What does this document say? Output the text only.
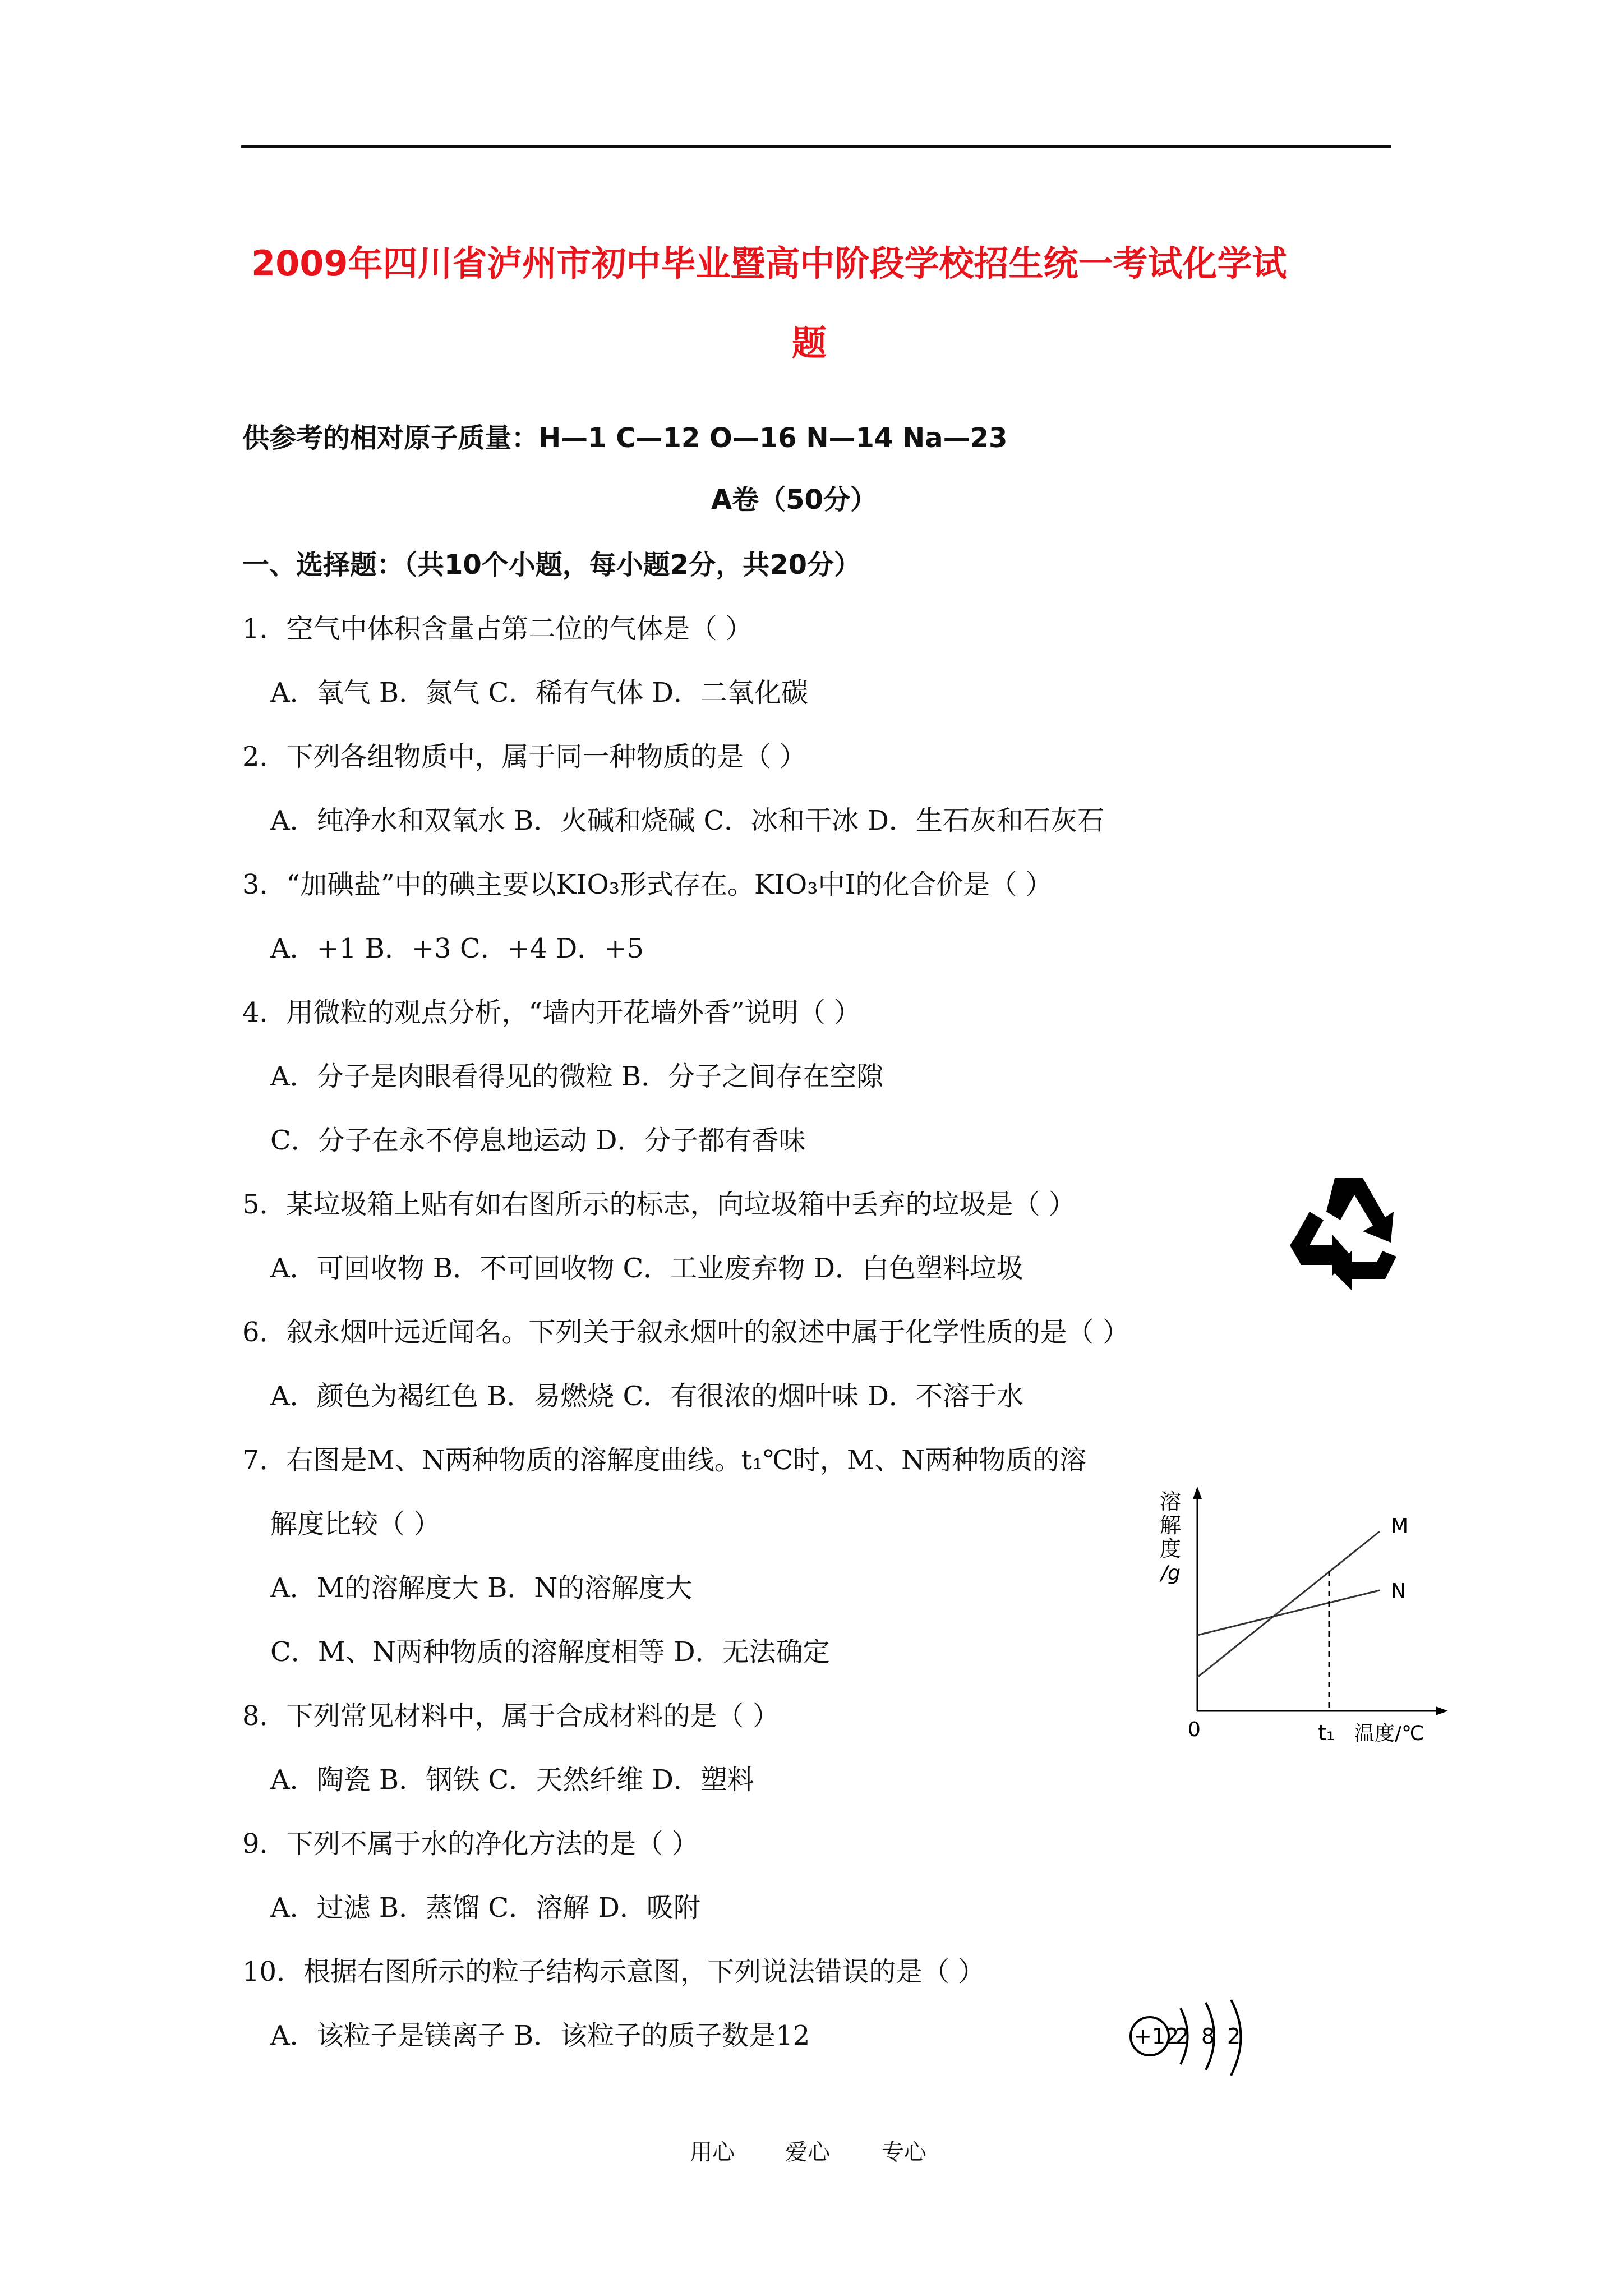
2009年四川省泸州市初中毕业暨高中阶段学校招生统一考试化学试
题
供参考的相对原子质量：H—1 C—12 O—16 N—14 Na—23
A卷（50分）
一、选择题：（共10个小题，每小题2分，共20分）
1．空气中体积含量占第二位的气体是（ ）
A．氧气 B．氮气 C．稀有气体 D．二氧化碳
2．下列各组物质中，属于同一种物质的是（ ）
A．纯净水和双氧水 B．火碱和烧碱 C．冰和干冰 D．生石灰和石灰石
3．“加碘盐”中的碘主要以KIO₃形式存在。KIO₃中I的化合价是（ ）
A．+1 B．+3 C．+4 D．+5
4．用微粒的观点分析，“墙内开花墙外香”说明（ ）
A．分子是肉眼看得见的微粒 B．分子之间存在空隙
C．分子在永不停息地运动 D．分子都有香味
5．某垃圾箱上贴有如右图所示的标志，向垃圾箱中丢弃的垃圾是（ ）
A．可回收物 B．不可回收物 C．工业废弃物 D．白色塑料垃圾
6．叙永烟叶远近闻名。下列关于叙永烟叶的叙述中属于化学性质的是（ ）
A．颜色为褐红色 B．易燃烧 C．有很浓的烟叶味 D．不溶于水
7．右图是M、N两种物质的溶解度曲线。t₁℃时，M、N两种物质的溶
解度比较（ ）
A．M的溶解度大 B．N的溶解度大
C．M、N两种物质的溶解度相等 D．无法确定
8．下列常见材料中，属于合成材料的是（ ）
A．陶瓷 B．钢铁 C．天然纤维 D．塑料
9．下列不属于水的净化方法的是（ ）
A．过滤 B．蒸馏 C．溶解 D．吸附
10．根据右图所示的粒子结构示意图，下列说法错误的是（ ）
A．该粒子是镁离子 B．该粒子的质子数是12
溶
解
度
/g
0	t₁ 温度/℃
M
N
+12
2 8 2
用心 爱心 专心
